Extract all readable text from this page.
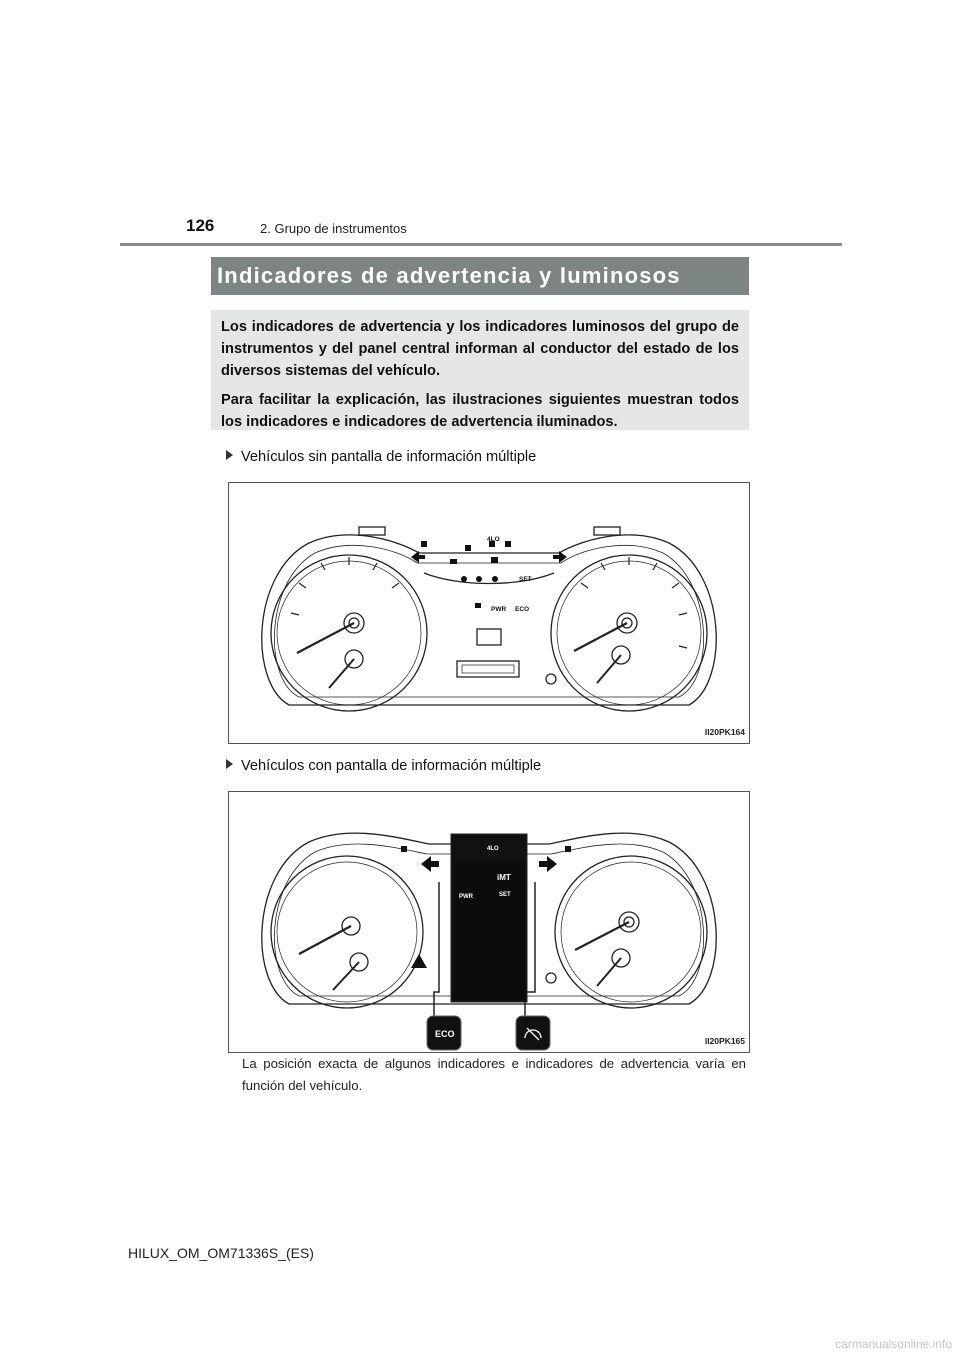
126	2. Grupo de instrumentos
Indicadores de advertencia y luminosos

Los indicadores de advertencia y los indicadores luminosos del grupo de instrumentos y del panel central informan al conductor del estado de los diversos sistemas del vehículo.

Para facilitar la explicación, las ilustraciones siguientes muestran todos los indicadores e indicadores de advertencia iluminados.

Vehículos sin pantalla de información múltiple
4LO
PWR ECO
SET
II20PK164
Vehículos con pantalla de información múltiple
4LO
iMT
PWR	SET
ECO
II20PK165
La posición exacta de algunos indicadores e indicadores de advertencia varía en función del vehículo.
HILUX_OM_OM71336S_(ES)
carmanualsonline.info
